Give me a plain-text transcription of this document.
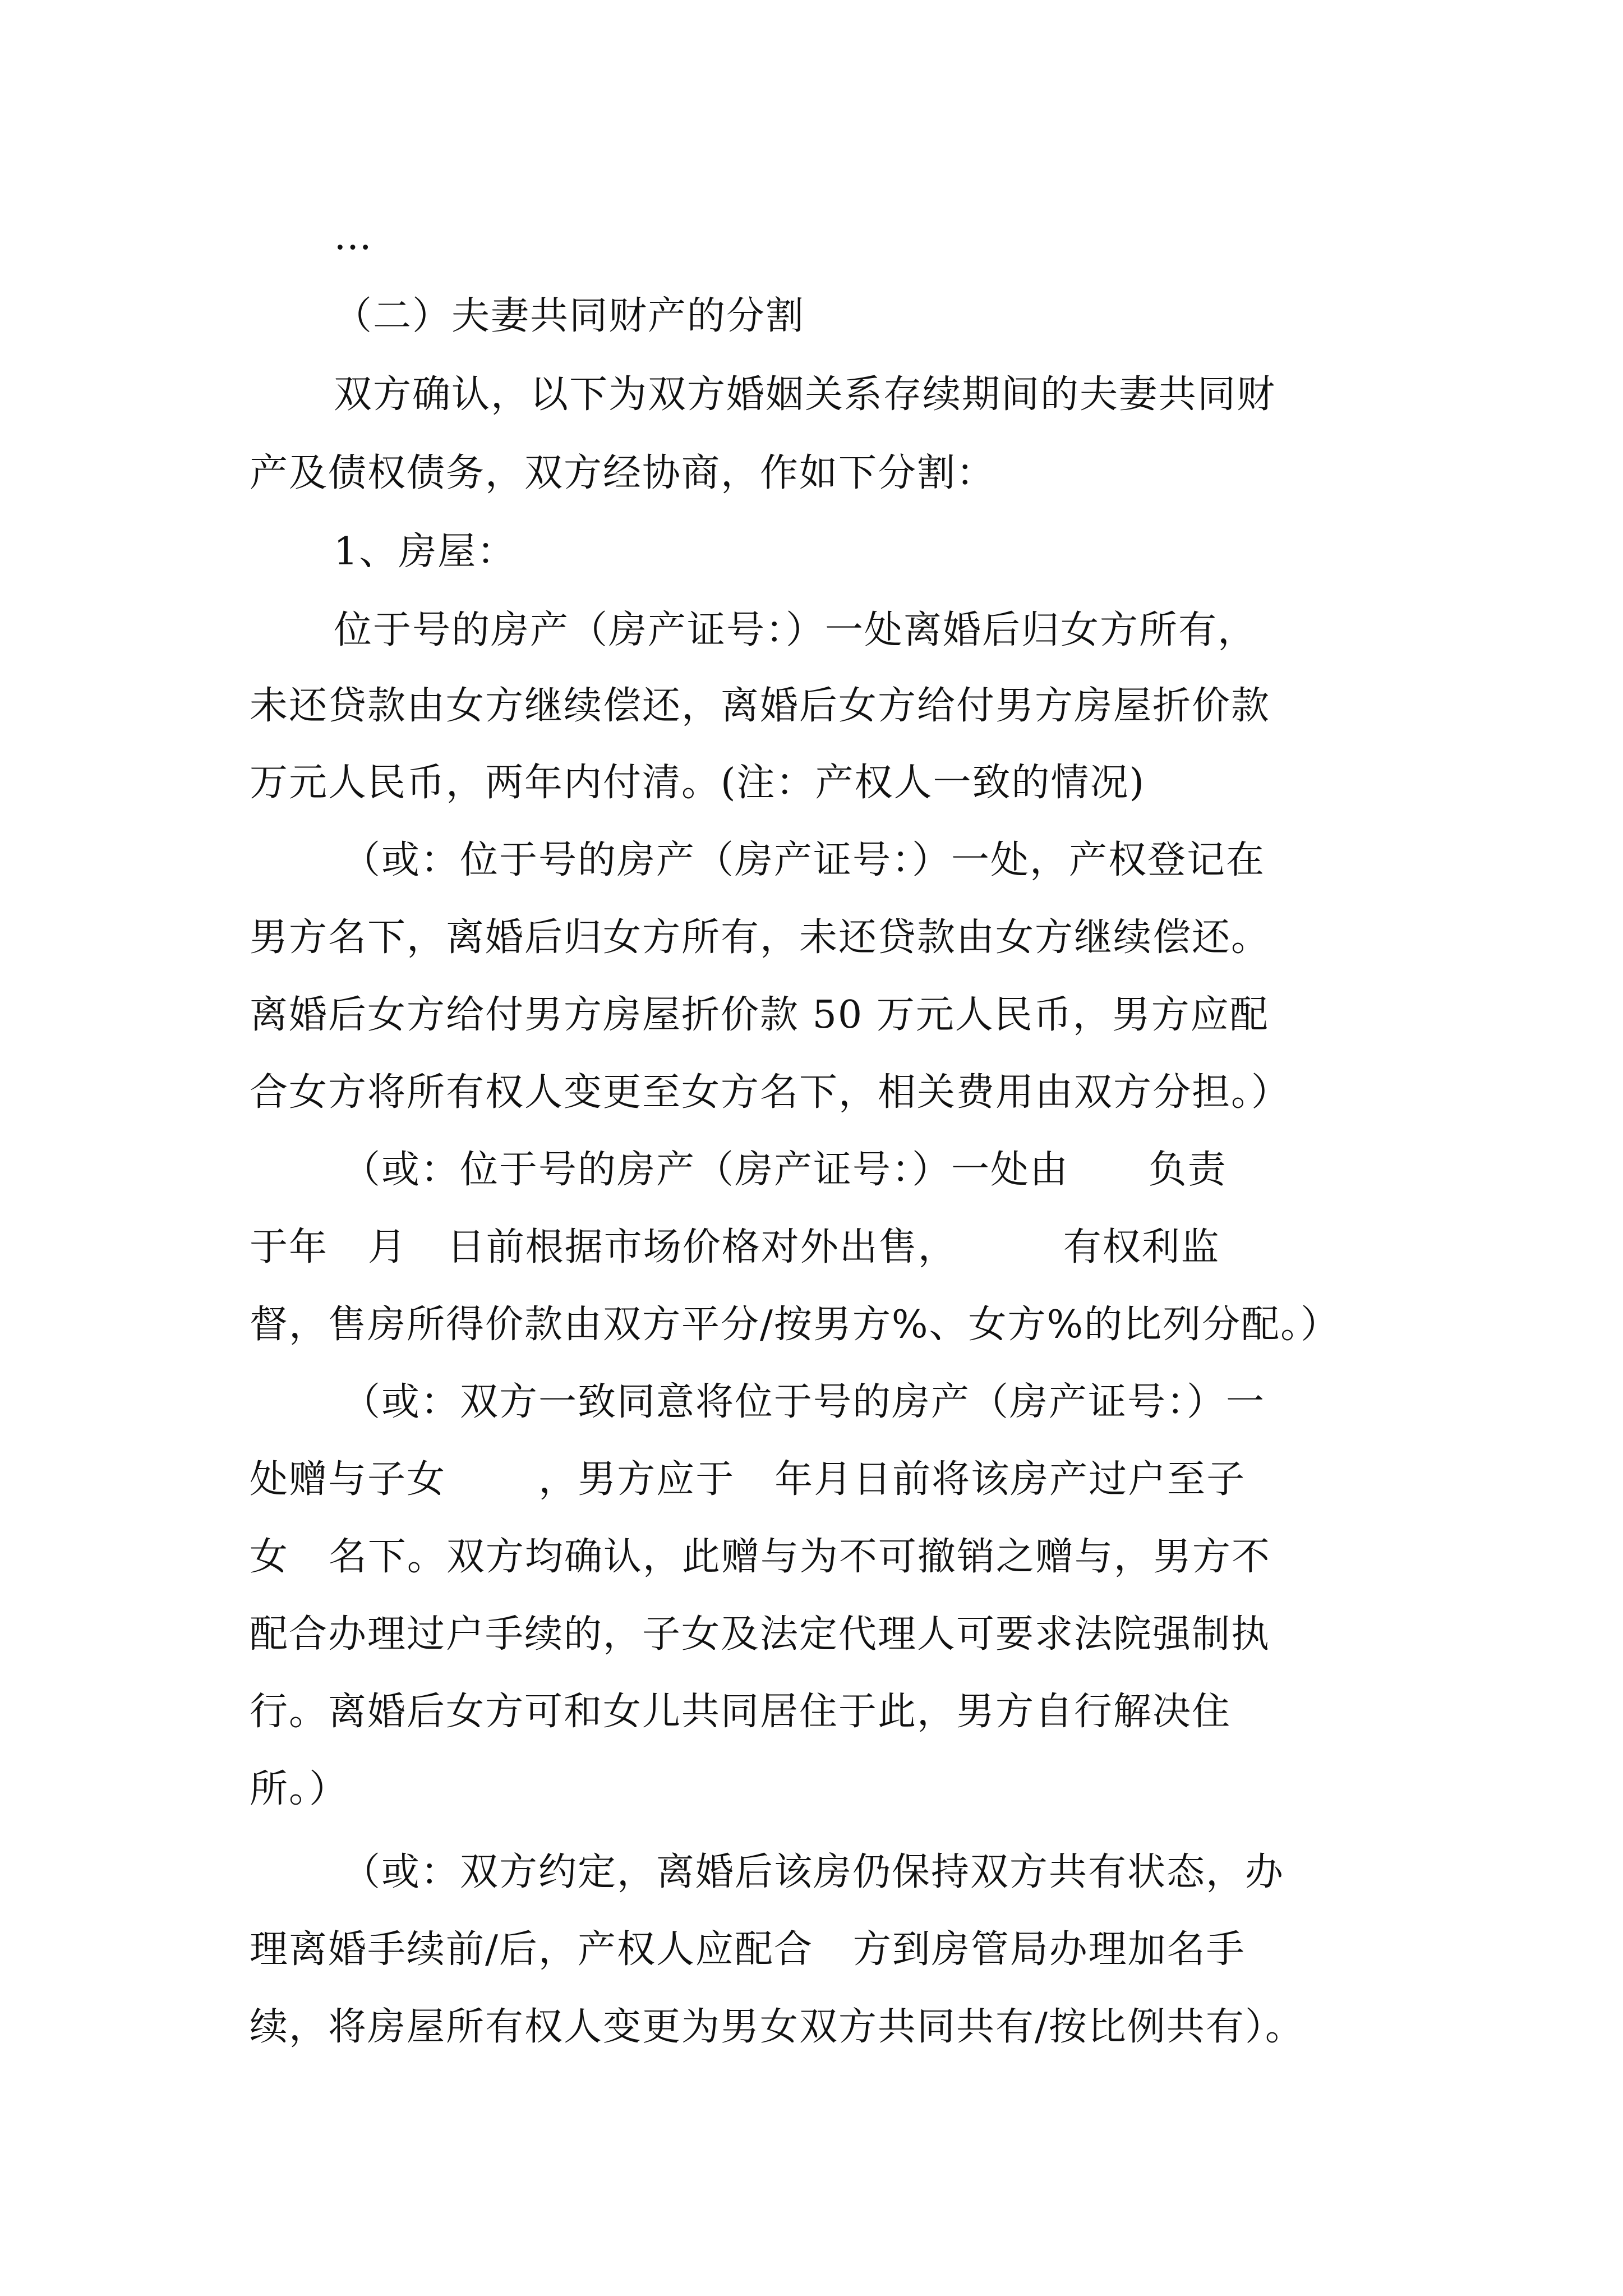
…
（二）夫妻共同财产的分割
双方确认，以下为双方婚姻关系存续期间的夫妻共同财
产及债权债务，双方经协商，作如下分割：
1、房屋：
位于号的房产（房产证号：）一处离婚后归女方所有，
未还贷款由女方继续偿还，离婚后女方给付男方房屋折价款
万元人民币，两年内付清。(注：产权人一致的情况)
（或：位于号的房产（房产证号：）一处，产权登记在
男方名下，离婚后归女方所有，未还贷款由女方继续偿还。
离婚后女方给付男方房屋折价款 50 万元人民币，男方应配
合女方将所有权人变更至女方名下，相关费用由双方分担。）
（或：位于号的房产（房产证号：）一处由      负责
于年   月   日前根据市场价格对外出售，        有权利监
督，售房所得价款由双方平分/按男方%、女方%的比列分配。）
（或：双方一致同意将位于号的房产（房产证号：）一
处赠与子女       ，男方应于   年月日前将该房产过户至子
女   名下。双方均确认，此赠与为不可撤销之赠与，男方不
配合办理过户手续的，子女及法定代理人可要求法院强制执
行。离婚后女方可和女儿共同居住于此，男方自行解决住
所。）
（或：双方约定，离婚后该房仍保持双方共有状态，办
理离婚手续前/后，产权人应配合   方到房管局办理加名手
续，将房屋所有权人变更为男女双方共同共有/按比例共有）。
